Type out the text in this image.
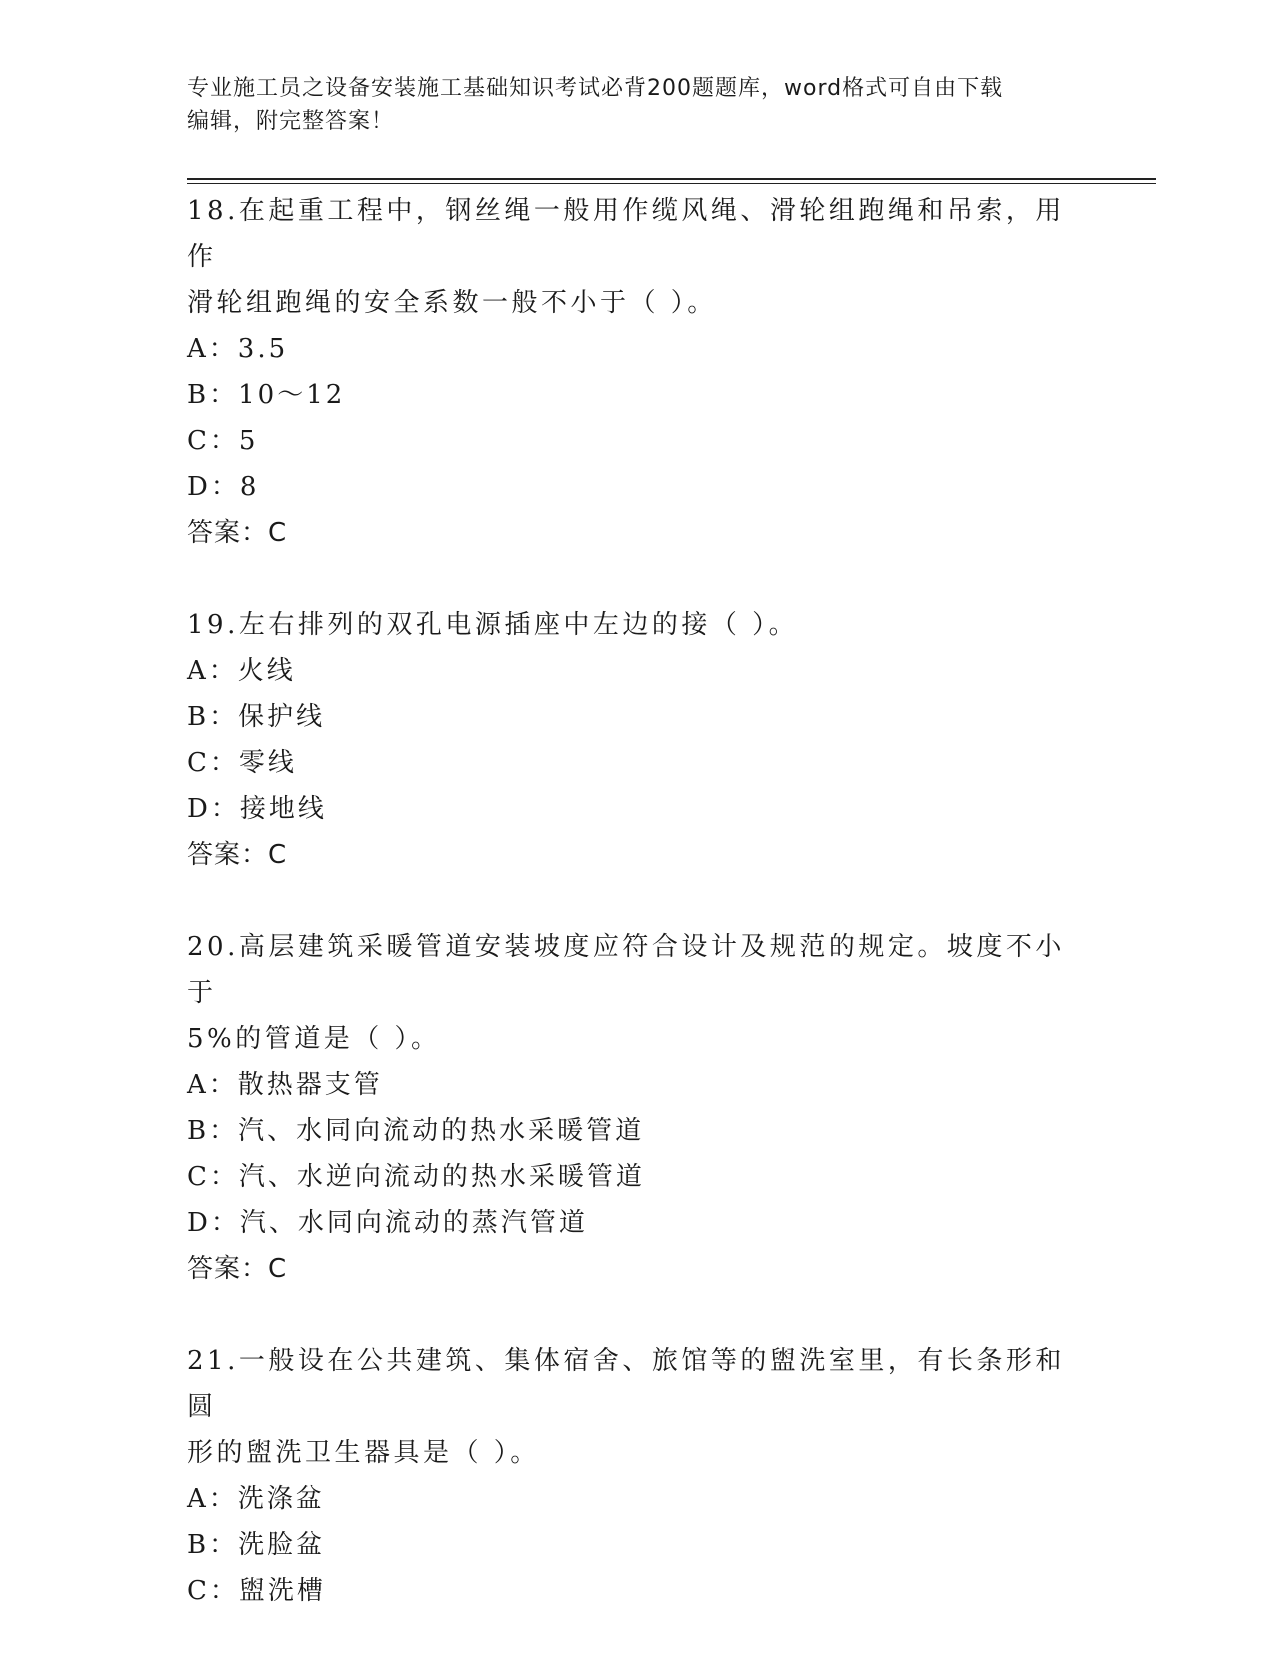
专业施工员之设备安装施工基础知识考试必背200题题库，word格式可自由下载
编辑，附完整答案！
18.在起重工程中，钢丝绳一般用作缆风绳、滑轮组跑绳和吊索，用作
滑轮组跑绳的安全系数一般不小于（ ）。
A：3.5
B：10～12
C：5
D：8
答案：C
19.左右排列的双孔电源插座中左边的接（ ）。
A：火线
B：保护线
C：零线
D：接地线
答案：C
20.高层建筑采暖管道安装坡度应符合设计及规范的规定。坡度不小于
5%的管道是（ ）。
A：散热器支管
B：汽、水同向流动的热水采暖管道
C：汽、水逆向流动的热水采暖管道
D：汽、水同向流动的蒸汽管道
答案：C
21.一般设在公共建筑、集体宿舍、旅馆等的盥洗室里，有长条形和圆
形的盥洗卫生器具是（ ）。
A：洗涤盆
B：洗脸盆
C：盥洗槽
